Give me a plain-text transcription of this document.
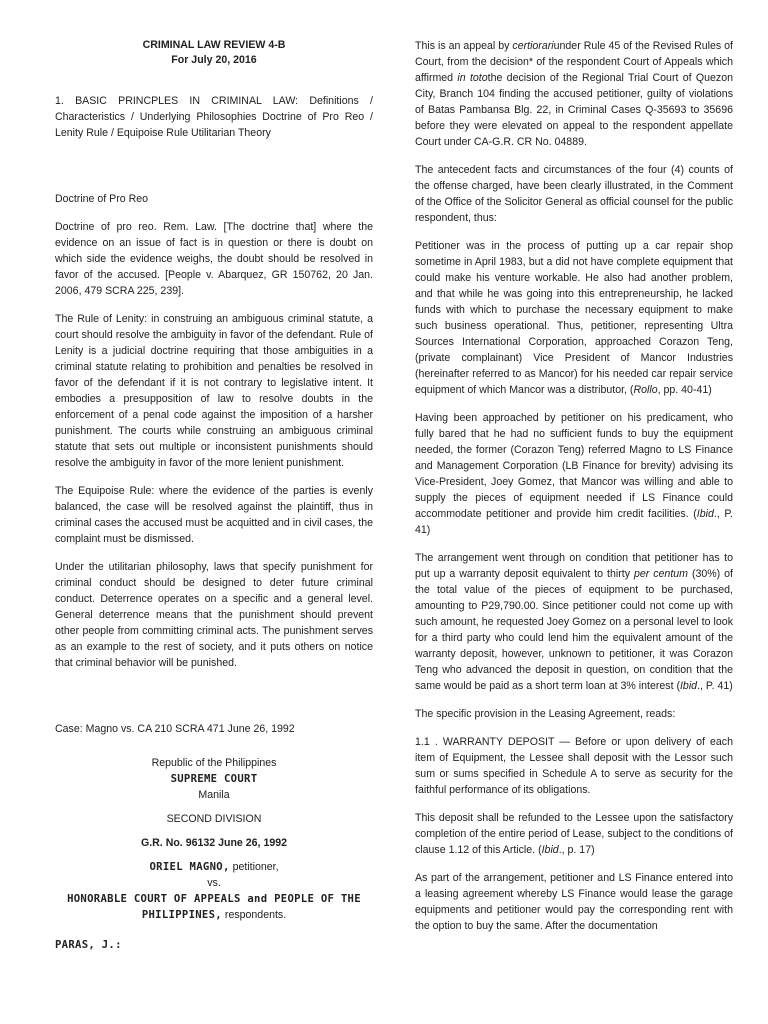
CRIMINAL LAW REVIEW 4-B

For July 20, 2016

1. BASIC PRINCPLES IN CRIMINAL LAW: Definitions / Characteristics / Underlying Philosophies Doctrine of Pro Reo / Lenity Rule / Equipoise Rule Utilitarian Theory

Doctrine of Pro Reo

Doctrine of pro reo. Rem. Law. [The doctrine that] where the evidence on an issue of fact is in question or there is doubt on which side the evidence weighs, the doubt should be resolved in favor of the accused. [People v. Abarquez, GR 150762, 20 Jan. 2006, 479 SCRA 225, 239].

The Rule of Lenity: in construing an ambiguous criminal statute, a court should resolve the ambiguity in favor of the defendant. Rule of Lenity is a judicial doctrine requiring that those ambiguities in a criminal statute relating to prohibition and penalties be resolved in favor of the defendant if it is not contrary to legislative intent. It embodies a presupposition of law to resolve doubts in the enforcement of a penal code against the imposition of a harsher punishment. The courts while construing an ambiguous criminal statute that sets out multiple or inconsistent punishments should resolve the ambiguity in favor of the more lenient punishment.

The Equipoise Rule: where the evidence of the parties is evenly balanced, the case will be resolved against the plaintiff, thus in criminal cases the accused must be acquitted and in civil cases, the complaint must be dismissed.

Under the utilitarian philosophy, laws that specify punishment for criminal conduct should be designed to deter future criminal conduct. Deterrence operates on a specific and a general level. General deterrence means that the punishment should prevent other people from committing criminal acts. The punishment serves as an example to the rest of society, and it puts others on notice that criminal behavior will be punished.

Case: Magno vs. CA 210 SCRA 471 June 26, 1992

Republic of the Philippines

SUPREME COURT

Manila

SECOND DIVISION

G.R. No. 96132 June 26, 1992

ORIEL MAGNO, petitioner,

vs.

HONORABLE COURT OF APPEALS and PEOPLE OF THE PHILIPPINES, respondents.

PARAS, J.:

This is an appeal by certiorariunder Rule 45 of the Revised Rules of Court, from the decision* of the respondent Court of Appeals which affirmed in totothe decision of the Regional Trial Court of Quezon City, Branch 104 finding the accused petitioner, guilty of violations of Batas Pambansa Blg. 22, in Criminal Cases Q-35693 to 35696 before they were elevated on appeal to the respondent appellate Court under CA-G.R. CR No. 04889.

The antecedent facts and circumstances of the four (4) counts of the offense charged, have been clearly illustrated, in the Comment of the Office of the Solicitor General as official counsel for the public respondent, thus:

Petitioner was in the process of putting up a car repair shop sometime in April 1983, but a did not have complete equipment that could make his venture workable. He also had another problem, and that while he was going into this entrepreneurship, he lacked funds with which to purchase the necessary equipment to make such business operational. Thus, petitioner, representing Ultra Sources International Corporation, approached Corazon Teng, (private complainant) Vice President of Mancor Industries (hereinafter referred to as Mancor) for his needed car repair service equipment of which Mancor was a distributor, (Rollo, pp. 40-41)

Having been approached by petitioner on his predicament, who fully bared that he had no sufficient funds to buy the equipment needed, the former (Corazon Teng) referred Magno to LS Finance and Management Corporation (LB Finance for brevity) advising its Vice-President, Joey Gomez, that Mancor was willing and able to supply the pieces of equipment needed if LS Finance could accommodate petitioner and provide him credit facilities. (Ibid., P. 41)

The arrangement went through on condition that petitioner has to put up a warranty deposit equivalent to thirty per centum (30%) of the total value of the pieces of equipment to be purchased, amounting to P29,790.00. Since petitioner could not come up with such amount, he requested Joey Gomez on a personal level to look for a third party who could lend him the equivalent amount of the warranty deposit, however, unknown to petitioner, it was Corazon Teng who advanced the deposit in question, on condition that the same would be paid as a short term loan at 3% interest (Ibid., P. 41)

The specific provision in the Leasing Agreement, reads:

1.1 . WARRANTY DEPOSIT — Before or upon delivery of each item of Equipment, the Lessee shall deposit with the Lessor such sum or sums specified in Schedule A to serve as security for the faithful performance of its obligations.

This deposit shall be refunded to the Lessee upon the satisfactory completion of the entire period of Lease, subject to the conditions of clause 1.12 of this Article. (Ibid., p. 17)

As part of the arrangement, petitioner and LS Finance entered into a leasing agreement whereby LS Finance would lease the garage equipments and petitioner would pay the corresponding rent with the option to buy the same. After the documentation
